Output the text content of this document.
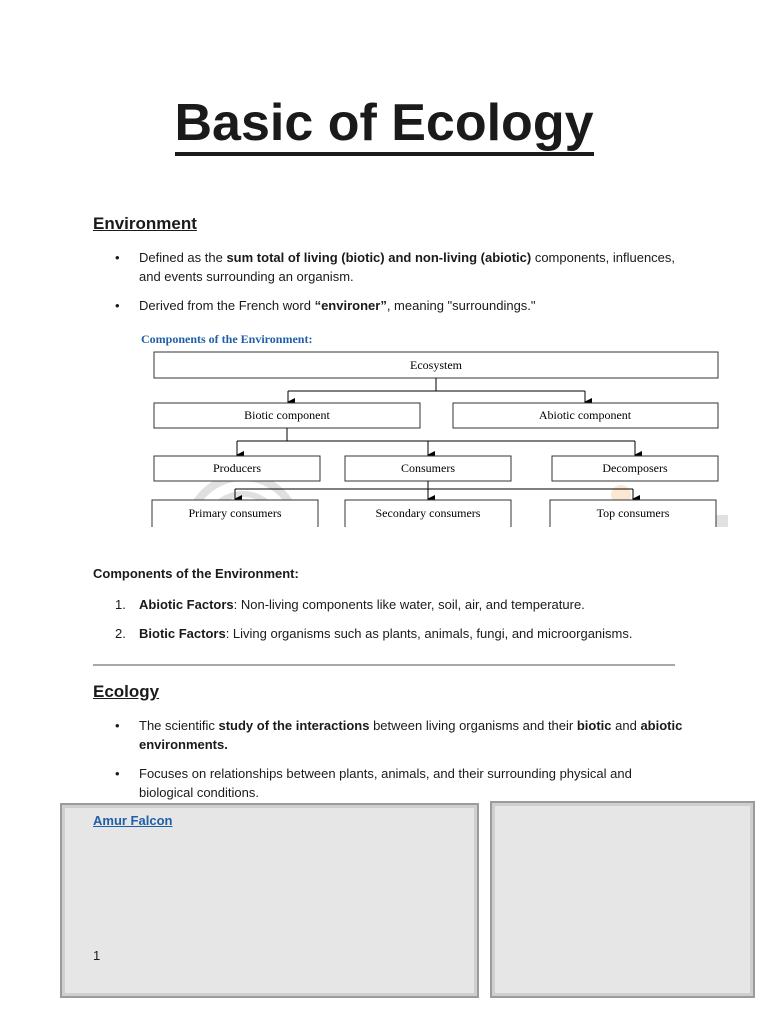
Basic of Ecology
Environment
• Defined as the sum total of living (biotic) and non-living (abiotic) components, influences, and events surrounding an organism.
• Derived from the French word “environer”, meaning "surroundings."
Components of the Environment:
Ecosystem
Biotic component	Abiotic component
Producers	Consumers	Decomposers
Primary consumers	Secondary consumers	Top consumers

Components of the Environment:

1. Abiotic Factors: Non-living components like water, soil, air, and temperature.
2. Biotic Factors: Living organisms such as plants, animals, fungi, and microorganisms.
Ecology
• The scientific study of the interactions between living organisms and their biotic and abiotic environments.
• Focuses on relationships between plants, animals, and their surrounding physical and biological conditions.
Amur Falcon
1
